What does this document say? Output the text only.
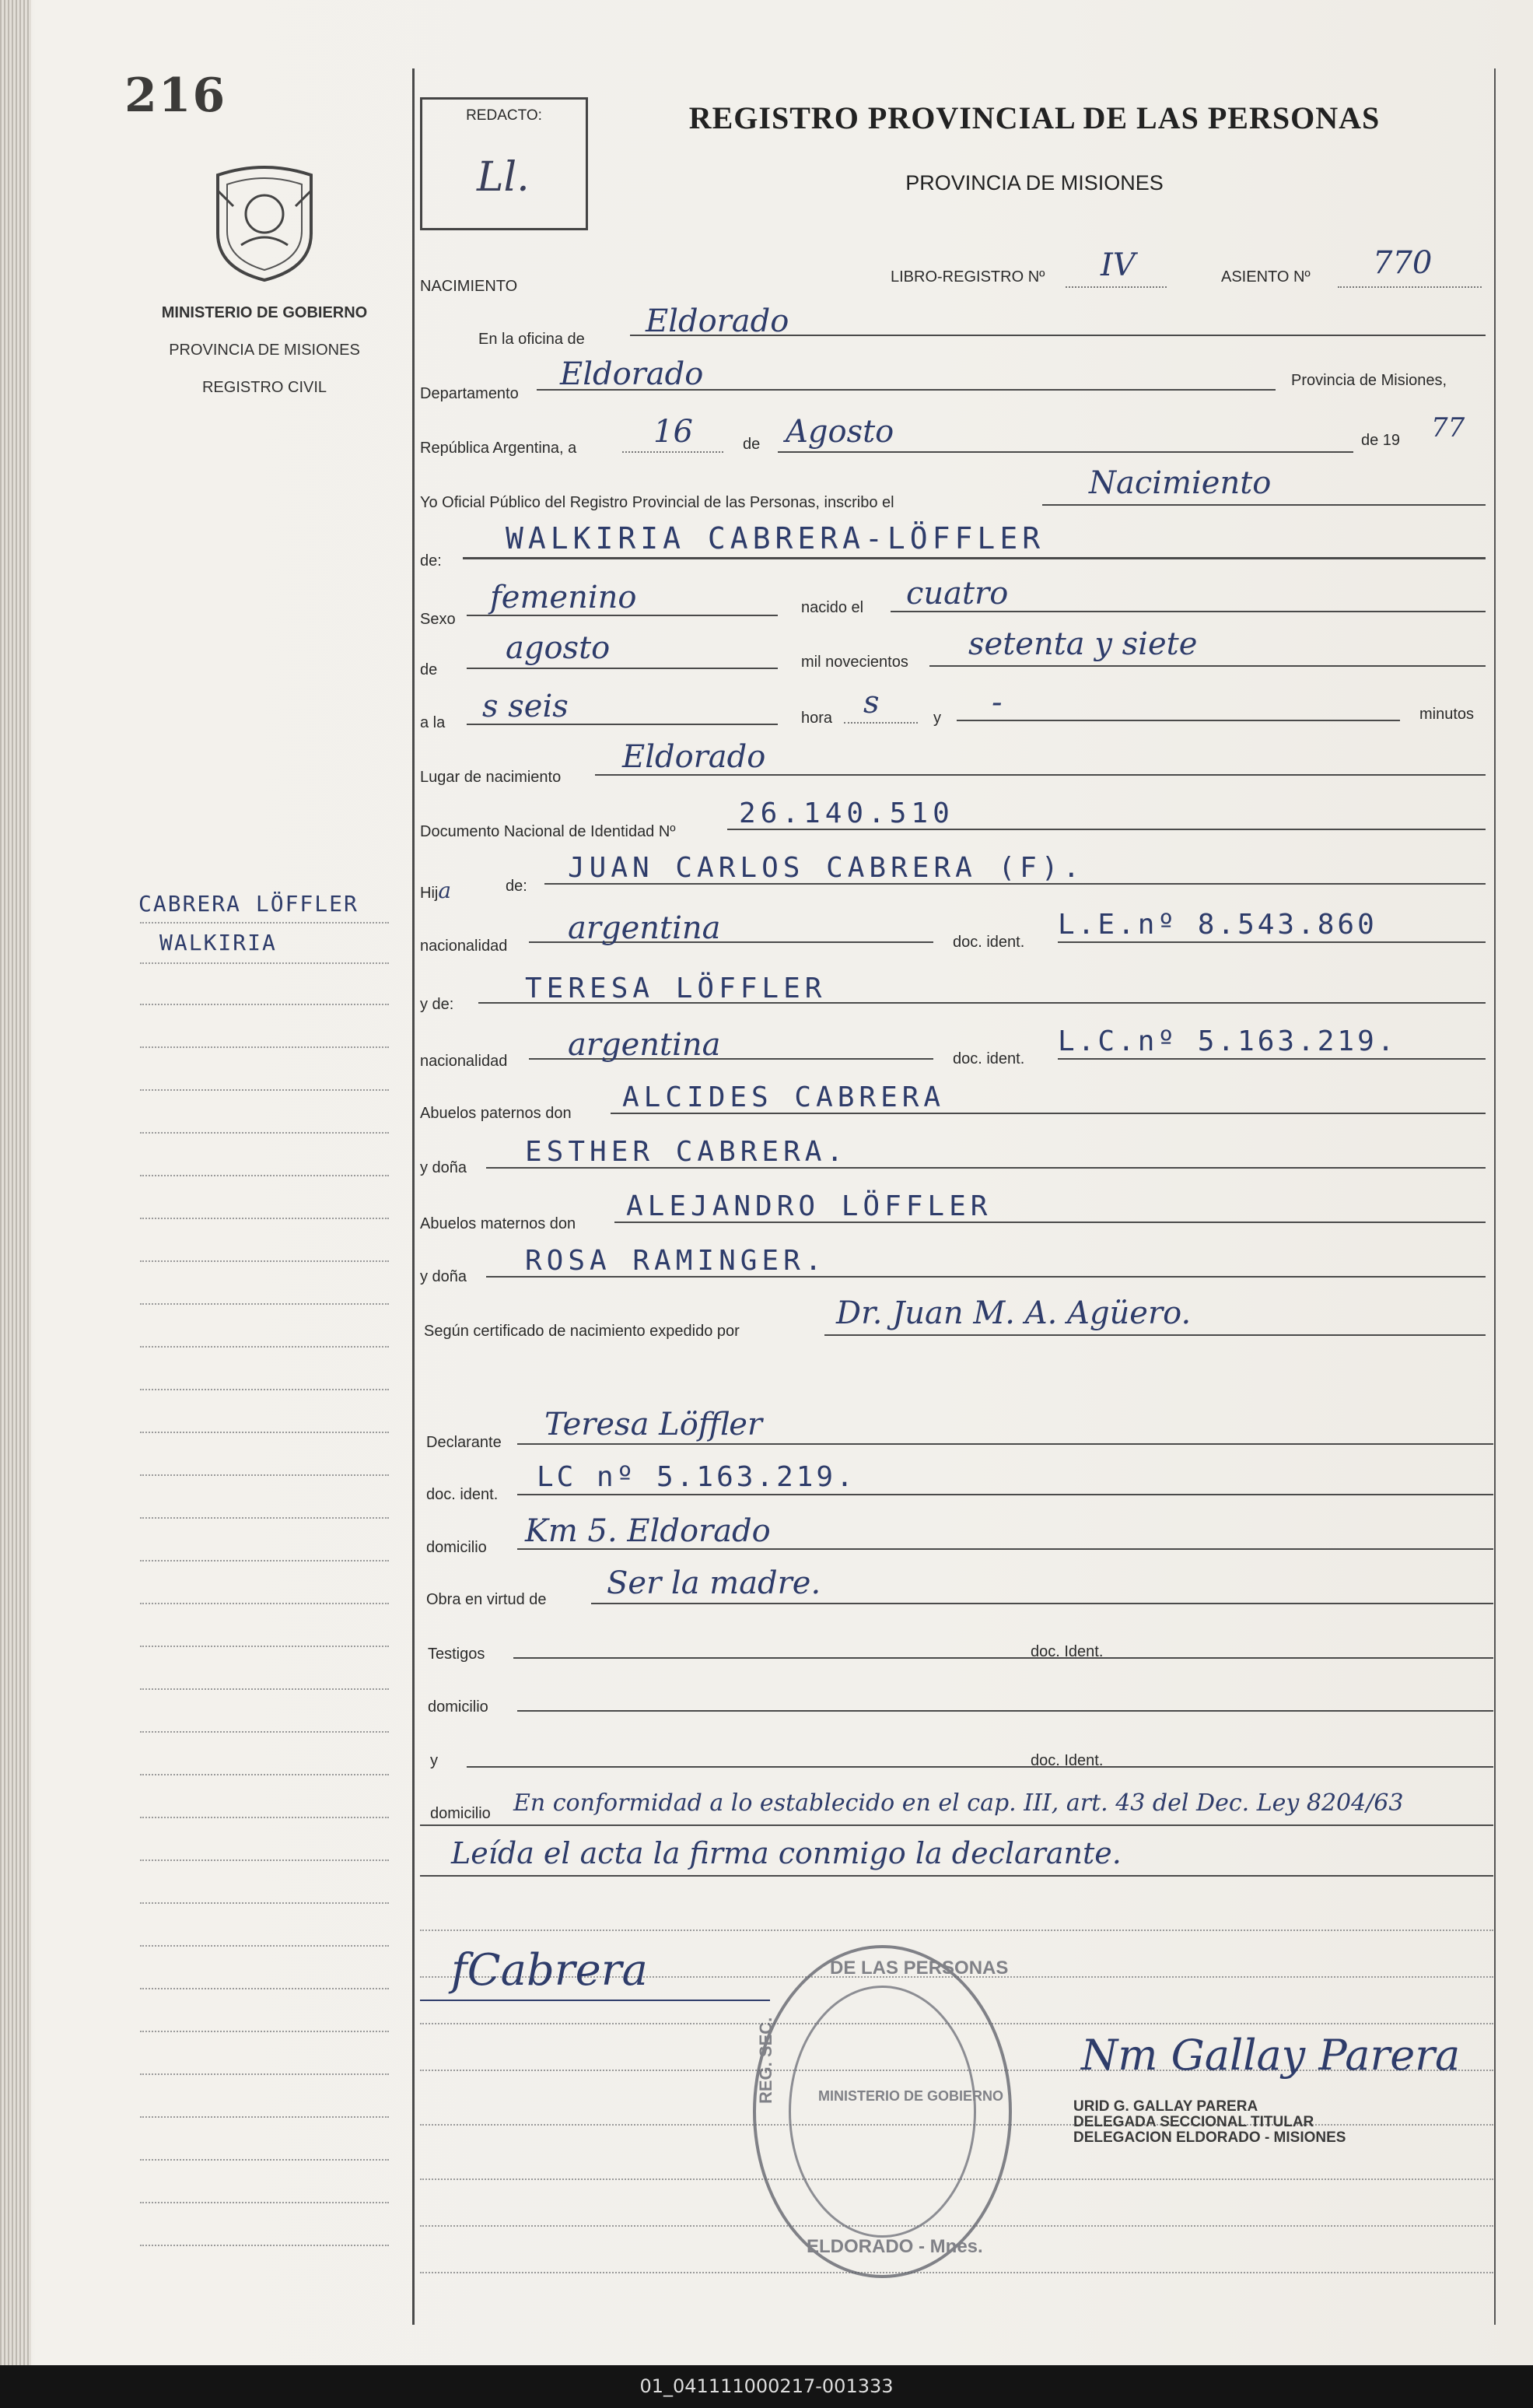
216
MINISTERIO DE GOBIERNO
PROVINCIA DE MISIONES
REGISTRO CIVIL
REDACTO:
Ll.
REGISTRO PROVINCIAL DE LAS PERSONAS
PROVINCIA DE MISIONES
NACIMIENTO
LIBRO-REGISTRO Nº IV	ASIENTO Nº 770
En la oficina de Eldorado
Departamento
Eldorado	Provincia de Misiones,
República Argentina, a 16	de Agosto	de 19 77
Yo Oficial Público del Registro Provincial de las Personas, inscribo el
Nacimiento
de:
WALKIRIA CABRERA-LÖFFLER
Sexo
femenino	nacido el cuatro
de
agosto	mil novecientos setenta y siete
a la s seis	hora s	y -	minutos
Lugar de nacimiento
Eldorado
Documento Nacional de Identidad Nº
26.140.510
Hija	de:
JUAN CARLOS CABRERA (F).
nacionalidad argentina	doc. ident.
L.E.nº 8.543.860
y de:	TERESA LÖFFLER
nacionalidad argentina	doc. ident.
L.C.nº 5.163.219.
Abuelos paternos don ALCIDES CABRERA
y doña ESTHER CABRERA.
Abuelos maternos don
ALEJANDRO LÖFFLER
y doña ROSA RAMINGER.
Según certificado de nacimiento expedido por	Dr. Juan M. A. Agüero.
Declarante Teresa Löffler
doc. ident.
LC nº 5.163.219.
domicilio Km 5. Eldorado
Obra en virtud de Ser la madre.
Testigos	doc. Ident.
domicilio
y	doc. Ident.
domicilio En conformidad a lo establecido en el cap. III, art. 43 del Dec. Ley 8204/63
Leída el acta la firma conmigo la declarante.
CABRERA LÖFFLER
WALKIRIA
fCabrera	DE LAS PERSONAS
REG. SEC.	MINISTERIO DE GOBIERNO
ELDORADO - Mnes.
Nm Gallay Parera
URID G. GALLAY PARERA
DELEGADA SECCIONAL TITULAR
DELEGACION ELDORADO - MISIONES
01_041111000217-001333
